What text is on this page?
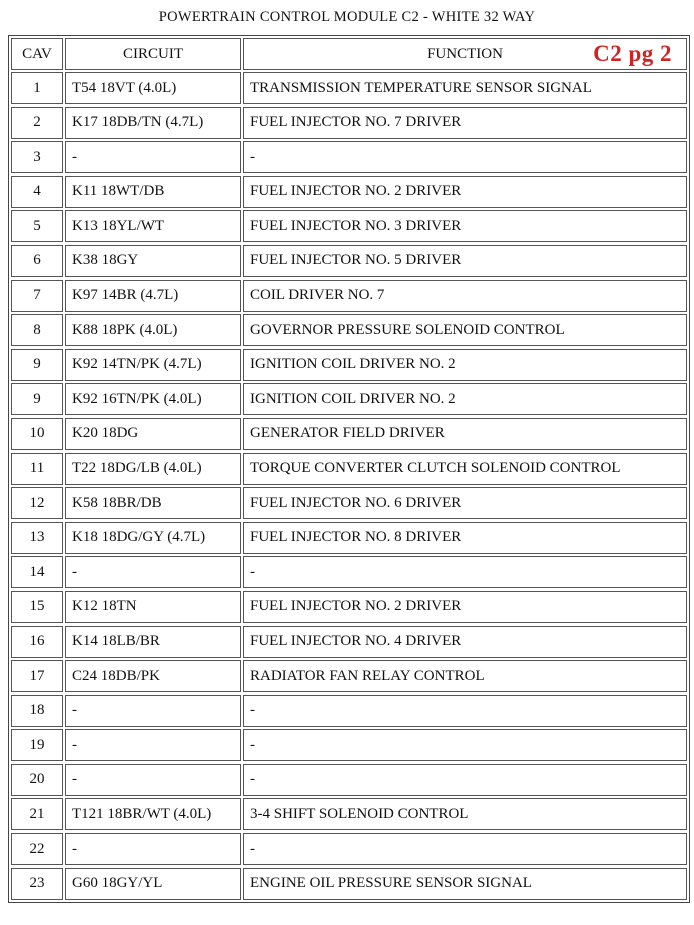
POWERTRAIN CONTROL MODULE C2 - WHITE 32 WAY
CAV	CIRCUIT	FUNCTION	C2 pg 2
1	T54 18VT (4.0L)	TRANSMISSION TEMPERATURE SENSOR SIGNAL
2	K17 18DB/TN (4.7L)	FUEL INJECTOR NO. 7 DRIVER
3	-	-
4	K11 18WT/DB	FUEL INJECTOR NO. 2 DRIVER
5	K13 18YL/WT	FUEL INJECTOR NO. 3 DRIVER
6	K38 18GY	FUEL INJECTOR NO. 5 DRIVER
7	K97 14BR (4.7L)	COIL DRIVER NO. 7
8	K88 18PK (4.0L)	GOVERNOR PRESSURE SOLENOID CONTROL
9	K92 14TN/PK (4.7L)	IGNITION COIL DRIVER NO. 2
9	K92 16TN/PK (4.0L)	IGNITION COIL DRIVER NO. 2
10	K20 18DG	GENERATOR FIELD DRIVER
11	T22 18DG/LB (4.0L)	TORQUE CONVERTER CLUTCH SOLENOID CONTROL
12	K58 18BR/DB	FUEL INJECTOR NO. 6 DRIVER
13	K18 18DG/GY (4.7L)	FUEL INJECTOR NO. 8 DRIVER
14	-	-
15	K12 18TN	FUEL INJECTOR NO. 2 DRIVER
16	K14 18LB/BR	FUEL INJECTOR NO. 4 DRIVER
17	C24 18DB/PK	RADIATOR FAN RELAY CONTROL
18	-	-
19	-	-
20	-	-
21	T121 18BR/WT (4.0L)	3-4 SHIFT SOLENOID CONTROL
22	-	-
23	G60 18GY/YL	ENGINE OIL PRESSURE SENSOR SIGNAL
